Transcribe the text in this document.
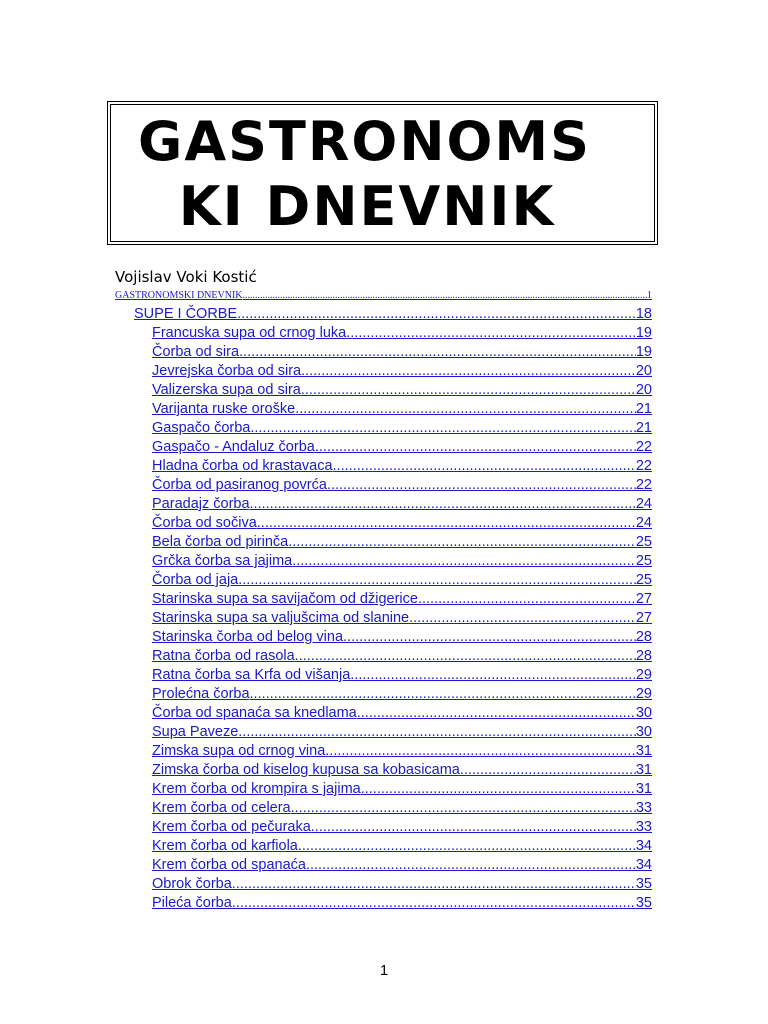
GASTRONOMS
KI DNEVNIK
Vojislav Voki Kostić
GASTRONOMSKI DNEVNIK .....	1
SUPE I ČORBE .....	18
Francuska supa od crnog luka .....	19
Čorba od sira .....	19
Jevrejska čorba od sira .....	20
Valizerska supa od sira .....	20
Varijanta ruske oroške .....	21
Gaspačo čorba .....	21
Gaspačo - Andaluz čorba .....	22
Hladna čorba od krastavaca .....	22
Čorba od pasiranog povrća .....	22
Paradajz čorba .....	24
Čorba od sočiva .....	24
Bela čorba od pirinča .....	25
Grčka čorba sa jajima .....	25
Čorba od jaja .....	25
Starinska supa sa savijačom od džigerice .....	27
Starinska supa sa valjušcima od slanine .....	27
Starinska čorba od belog vina .....	28
Ratna čorba od rasola .....	28
Ratna čorba sa Krfa od višanja .....	29
Prolećna čorba .....	29
Čorba od spanaća sa knedlama .....	30
Supa Paveze .....	30
Zimska supa od crnog vina .....	31
Zimska čorba od kiselog kupusa sa kobasicama .....	31
Krem čorba od krompira s jajima .....	31
Krem čorba od celera .....	33
Krem čorba od pečuraka .....	33
Krem čorba od karfiola .....	34
Krem čorba od spanaća .....	34
Obrok čorba .....	35
Pileća čorba .....	35
1
